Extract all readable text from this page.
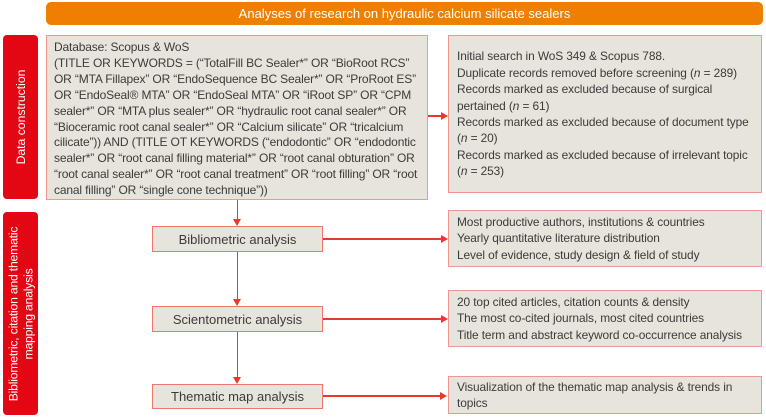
Analyses of research on hydraulic calcium silicate sealers
Data construction
Bibliometric, citation and thematic mapping analysis
Database: Scopus & WoS
(TITLE OR KEYWORDS = (“TotalFill BC Sealer*” OR “BioRoot RCS” OR “MTA Fillapex” OR “EndoSequence BC Sealer*” OR “ProRoot ES” OR “EndoSeal® MTA” OR “EndoSeal MTA” OR “iRoot SP” OR “CPM sealer*” OR “MTA plus sealer*” OR “hydraulic root canal sealer*” OR “Bioceramic root canal sealer*” OR “Calcium silicate” OR “tricalcium cilicate”)) AND (TITLE OT KEYWORDS (“endodontic” OR “endodontic sealer*” OR “root canal filling material*” OR “root canal obturation” OR “root canal sealer*” OR “root canal treatment” OR “root filling” OR “root canal filling” OR “single cone technique”))
Initial search in WoS 349 & Scopus 788.
Duplicate records removed before screening (n = 289)
Records marked as excluded because of surgical pertained (n = 61)
Records marked as excluded because of document type (n = 20)
Records marked as excluded because of irrelevant topic (n = 253)
Bibliometric analysis
Scientometric analysis
Thematic map analysis
Most productive authors, institutions & countries
Yearly quantitative literature distribution
Level of evidence, study design & field of study
20 top cited articles, citation counts & density
The most co-cited journals, most cited countries
Title term and abstract keyword co-occurrence analysis
Visualization of the thematic map analysis & trends in topics
